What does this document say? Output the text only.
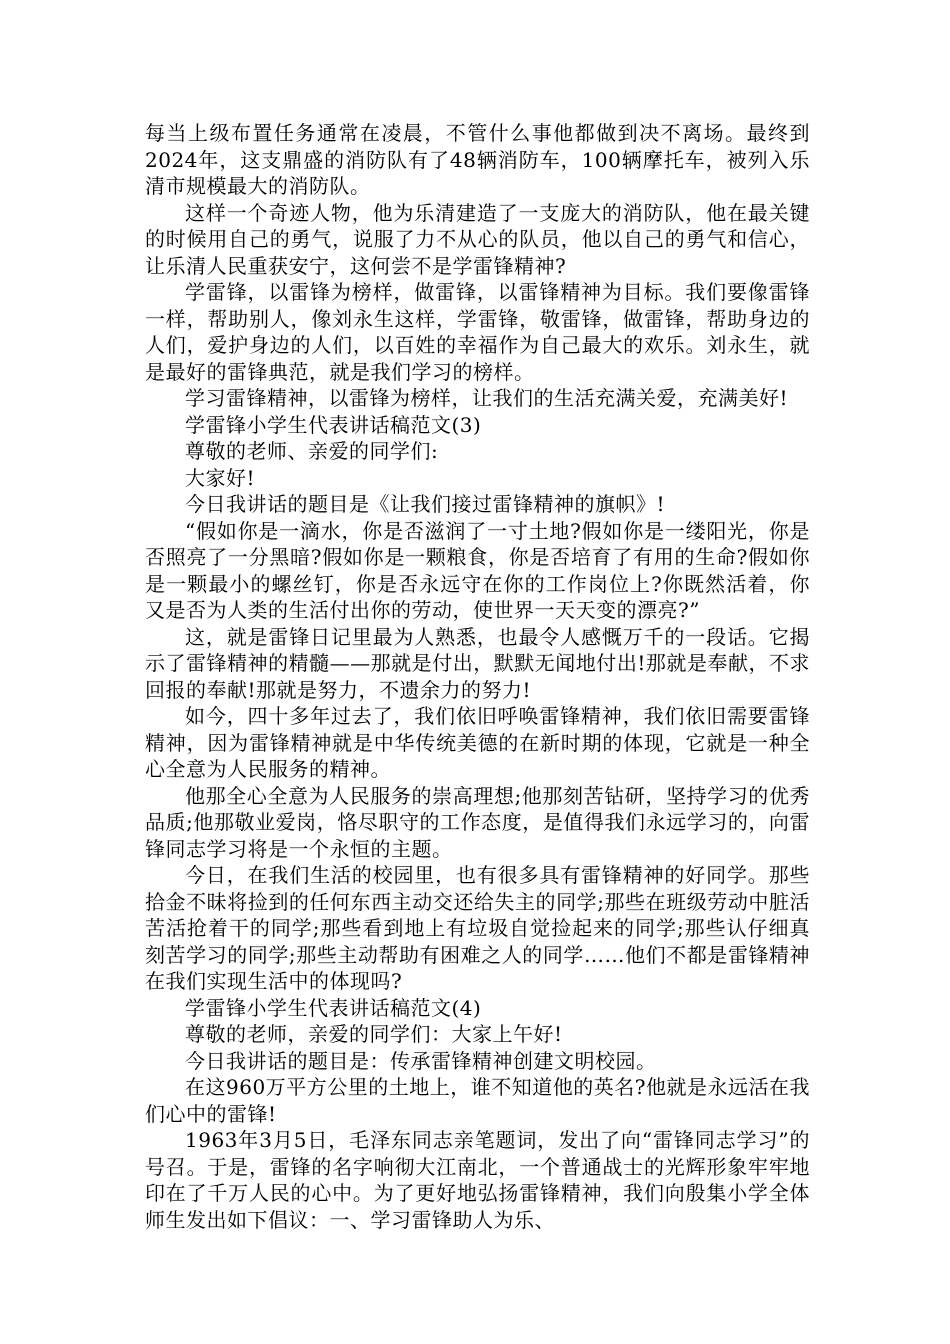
每当上级布置任务通常在凌晨，不管什么事他都做到决不离场。最终到2024年，这支鼎盛的消防队有了48辆消防车，100辆摩托车，被列入乐清市规模最大的消防队。

这样一个奇迹人物，他为乐清建造了一支庞大的消防队，他在最关键的时候用自己的勇气，说服了力不从心的队员，他以自己的勇气和信心，让乐清人民重获安宁，这何尝不是学雷锋精神?

学雷锋，以雷锋为榜样，做雷锋，以雷锋精神为目标。我们要像雷锋一样，帮助别人，像刘永生这样，学雷锋，敬雷锋，做雷锋，帮助身边的人们，爱护身边的人们，以百姓的幸福作为自己最大的欢乐。刘永生，就是最好的雷锋典范，就是我们学习的榜样。

学习雷锋精神，以雷锋为榜样，让我们的生活充满关爱，充满美好!

学雷锋小学生代表讲话稿范文(3)

尊敬的老师、亲爱的同学们:

大家好!

今日我讲话的题目是《让我们接过雷锋精神的旗帜》!

“假如你是一滴水，你是否滋润了一寸土地?假如你是一缕阳光，你是否照亮了一分黑暗?假如你是一颗粮食，你是否培育了有用的生命?假如你是一颗最小的螺丝钉，你是否永远守在你的工作岗位上?你既然活着，你又是否为人类的生活付出你的劳动，使世界一天天变的漂亮?”

这，就是雷锋日记里最为人熟悉，也最令人感慨万千的一段话。它揭示了雷锋精神的精髓——那就是付出，默默无闻地付出!那就是奉献，不求回报的奉献!那就是努力，不遗余力的努力!

如今，四十多年过去了，我们依旧呼唤雷锋精神，我们依旧需要雷锋精神，因为雷锋精神就是中华传统美德的在新时期的体现，它就是一种全心全意为人民服务的精神。

他那全心全意为人民服务的崇高理想;他那刻苦钻研，坚持学习的优秀品质;他那敬业爱岗，恪尽职守的工作态度，是值得我们永远学习的，向雷锋同志学习将是一个永恒的主题。

今日，在我们生活的校园里，也有很多具有雷锋精神的好同学。那些拾金不昧将捡到的任何东西主动交还给失主的同学;那些在班级劳动中脏活苦活抢着干的同学;那些看到地上有垃圾自觉捡起来的同学;那些认仔细真刻苦学习的同学;那些主动帮助有困难之人的同学……他们不都是雷锋精神在我们实现生活中的体现吗?

学雷锋小学生代表讲话稿范文(4)

尊敬的老师，亲爱的同学们：大家上午好!

今日我讲话的题目是：传承雷锋精神创建文明校园。

在这960万平方公里的土地上，谁不知道他的英名?他就是永远活在我们心中的雷锋!

1963年3月5日，毛泽东同志亲笔题词，发出了向“雷锋同志学习”的号召。于是，雷锋的名字响彻大江南北，一个普通战士的光辉形象牢牢地印在了千万人民的心中。为了更好地弘扬雷锋精神，我们向殷集小学全体师生发出如下倡议：一、学习雷锋助人为乐、
